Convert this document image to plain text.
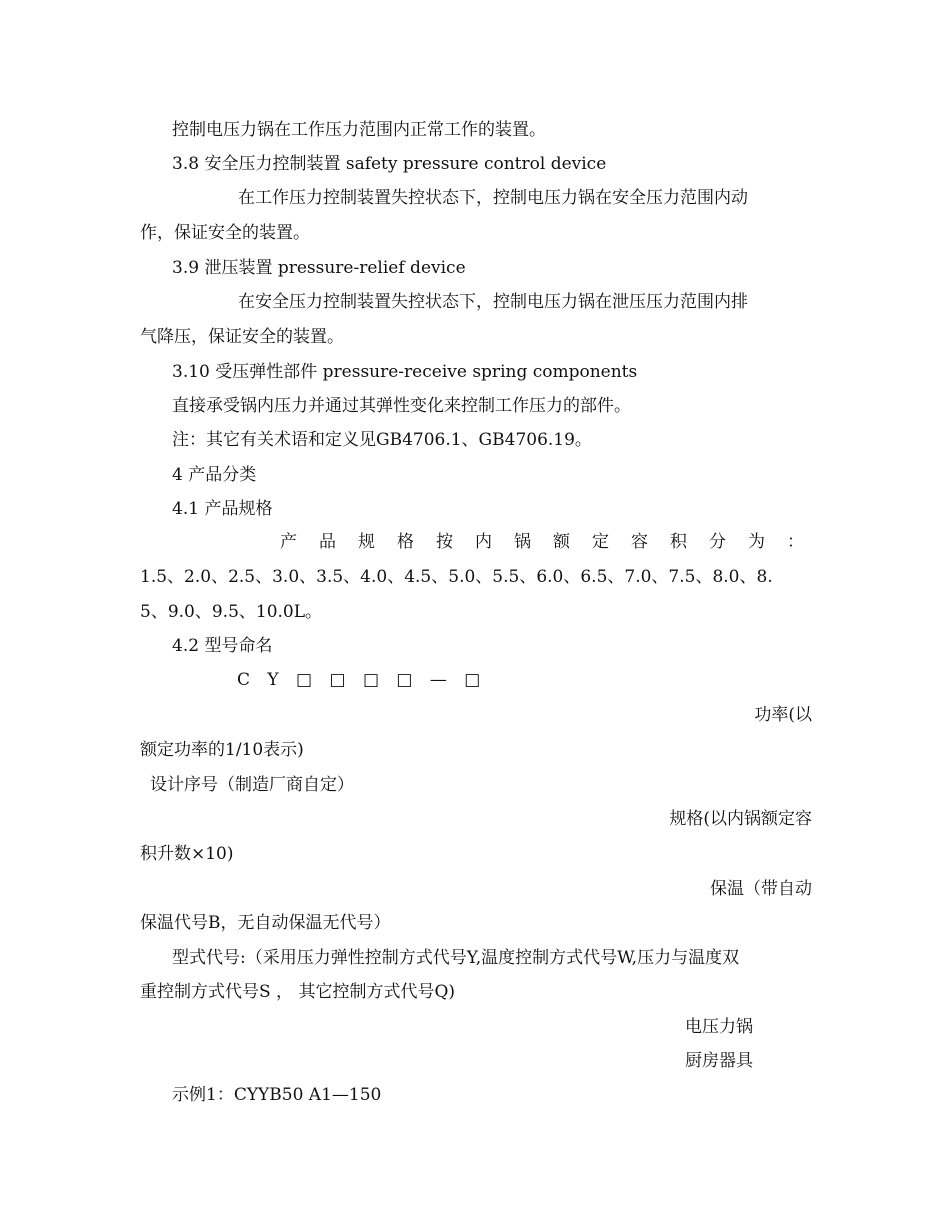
控制电压力锅在工作压力范围内正常工作的装置。
3.8 安全压力控制装置 safety pressure control device
在工作压力控制装置失控状态下，控制电压力锅在安全压力范围内动
作，保证安全的装置。
3.9 泄压装置 pressure-relief device
在安全压力控制装置失控状态下，控制电压力锅在泄压压力范围内排
气降压，保证安全的装置。
3.10 受压弹性部件 pressure-receive spring components
直接承受锅内压力并通过其弹性变化来控制工作压力的部件。
注：其它有关术语和定义见GB4706.1、GB4706.19。
4 产品分类
4.1 产品规格
产 品 规 格 按 内 锅 额 定 容 积 分 为 ：
1.5、2.0、2.5、3.0、3.5、4.0、4.5、5.0、5.5、6.0、6.5、7.0、7.5、8.0、8.
5、9.0、9.5、10.0L。
4.2 型号命名
C Y □ □ □ □ — □
功率(以
额定功率的1/10表示)
设计序号（制造厂商自定）
规格(以内锅额定容
积升数×10)
保温（带自动
保温代号B，无自动保温无代号）
型式代号:（采用压力弹性控制方式代号Y,温度控制方式代号W,压力与温度双
重控制方式代号S ， 其它控制方式代号Q)
电压力锅
厨房器具
示例1：CYYB50 A1—150
